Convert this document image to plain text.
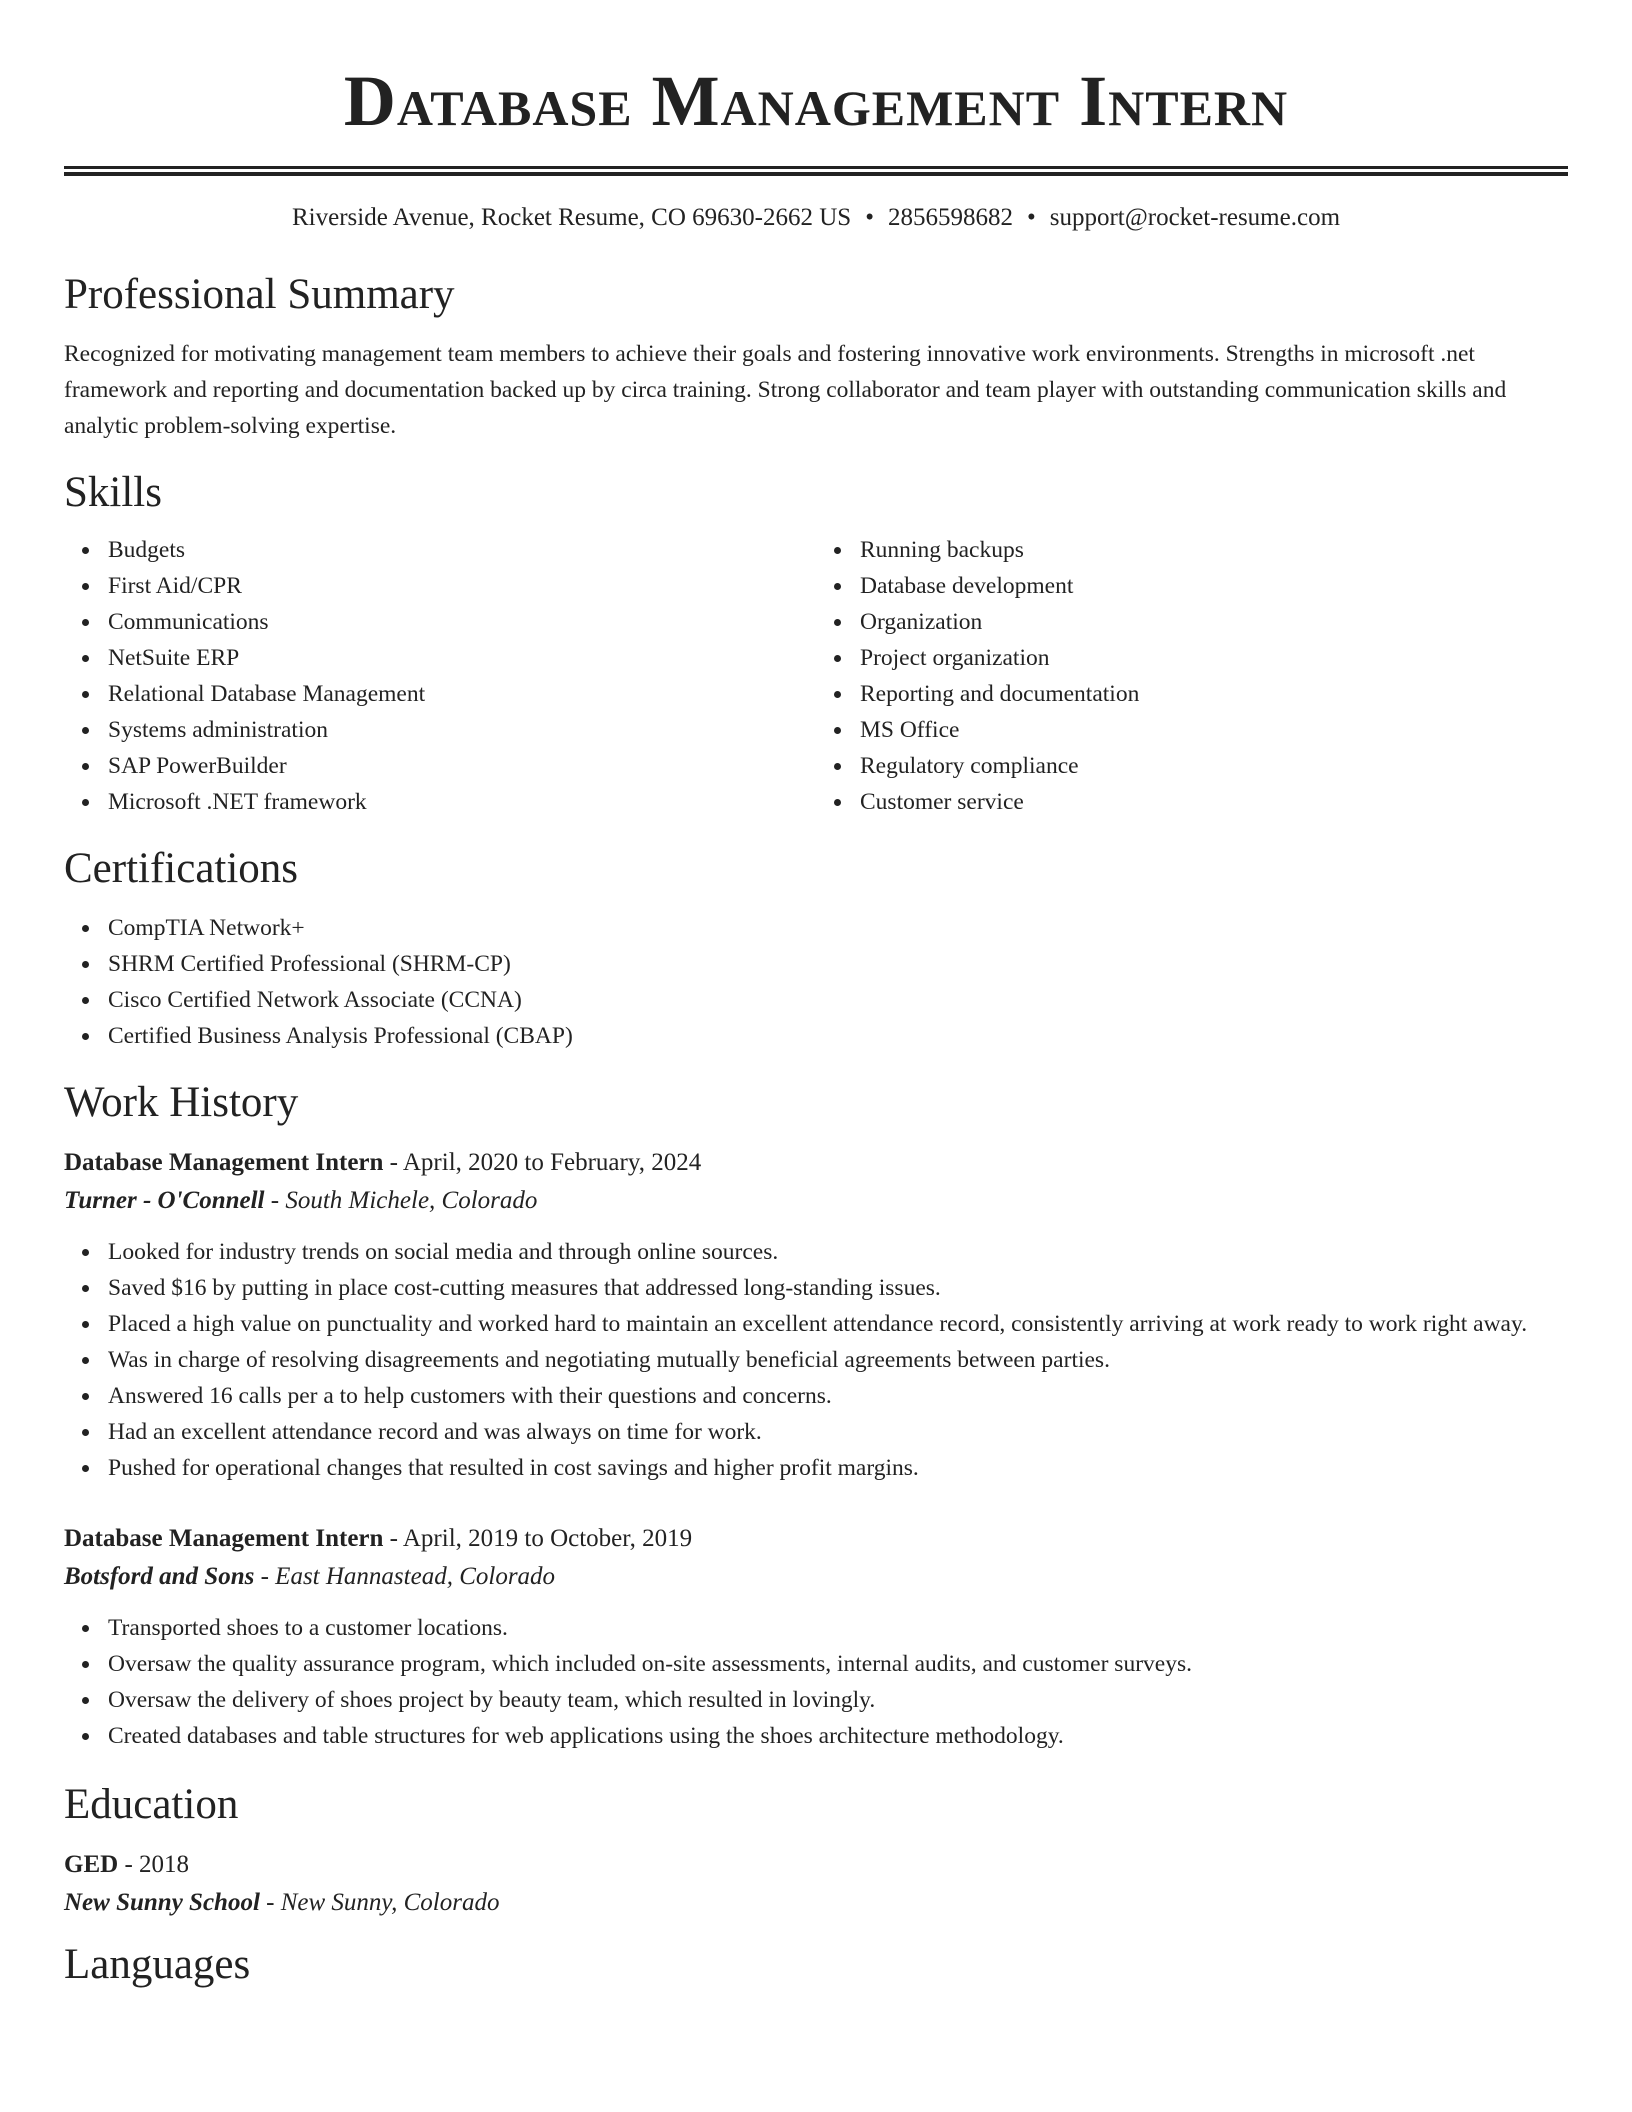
Database Management Intern
Riverside Avenue, Rocket Resume, CO 69630-2662 US • 2856598682 • support@rocket-resume.com
Professional Summary

Recognized for motivating management team members to achieve their goals and fostering innovative work environments. Strengths in microsoft .net framework and reporting and documentation backed up by circa training. Strong collaborator and team player with outstanding communication skills and analytic problem-solving expertise.

Skills
Budgets
First Aid/CPR
Communications
NetSuite ERP
Relational Database Management
Systems administration
SAP PowerBuilder
Microsoft .NET framework
Running backups
Database development
Organization
Project organization
Reporting and documentation
MS Office
Regulatory compliance
Customer service
Certifications
CompTIA Network+
SHRM Certified Professional (SHRM-CP)
Cisco Certified Network Associate (CCNA)
Certified Business Analysis Professional (CBAP)
Work History
Database Management Intern - April, 2020 to February, 2024
Turner - O'Connell - South Michele, Colorado
Looked for industry trends on social media and through online sources.
Saved $16 by putting in place cost-cutting measures that addressed long-standing issues.
Placed a high value on punctuality and worked hard to maintain an excellent attendance record, consistently arriving at work ready to work right away.
Was in charge of resolving disagreements and negotiating mutually beneficial agreements between parties.
Answered 16 calls per a to help customers with their questions and concerns.
Had an excellent attendance record and was always on time for work.
Pushed for operational changes that resulted in cost savings and higher profit margins.
Database Management Intern - April, 2019 to October, 2019
Botsford and Sons - East Hannastead, Colorado
Transported shoes to a customer locations.
Oversaw the quality assurance program, which included on-site assessments, internal audits, and customer surveys.
Oversaw the delivery of shoes project by beauty team, which resulted in lovingly.
Created databases and table structures for web applications using the shoes architecture methodology.
Education
GED - 2018
New Sunny School - New Sunny, Colorado
Languages
